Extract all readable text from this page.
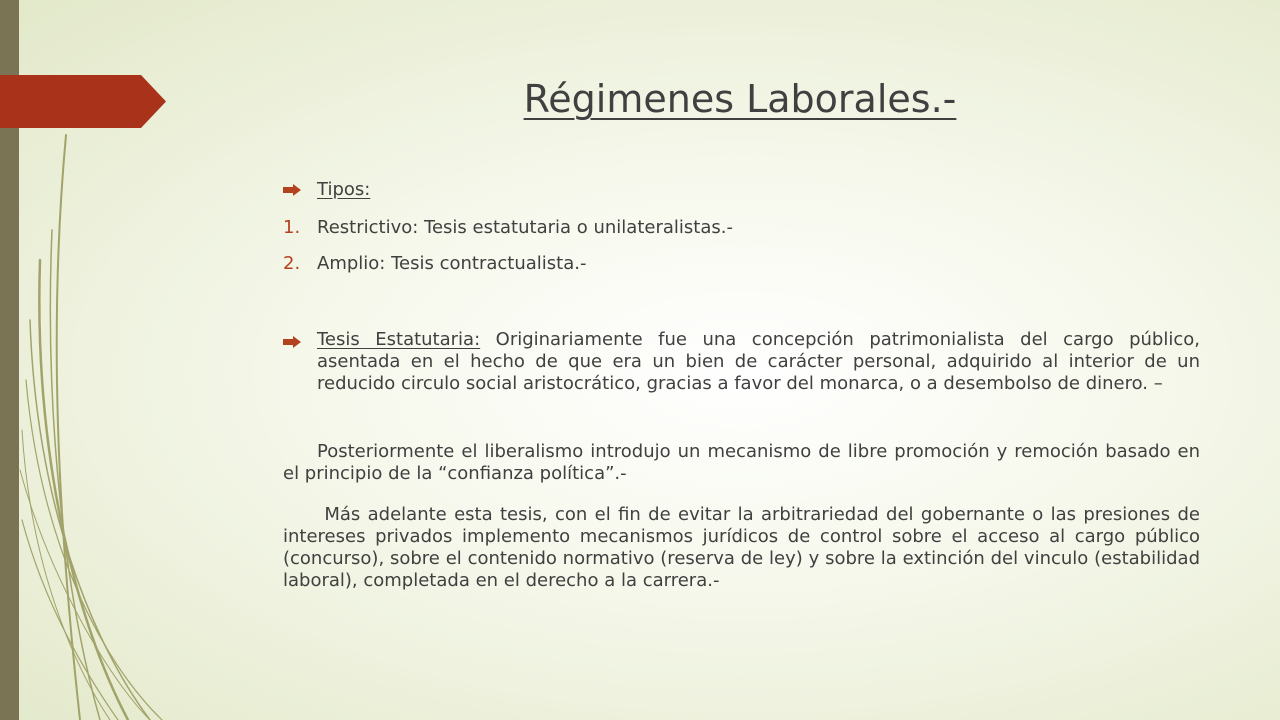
Régimenes Laborales.-
Tipos:
1. Restrictivo: Tesis estatutaria o unilateralistas.-
2. Amplio: Tesis contractualista.-

Tesis Estatutaria: Originariamente fue una concepción patrimonialista del cargo público, asentada en el hecho de que era un bien de carácter personal, adquirido al interior de un reducido circulo social aristocrático, gracias a favor del monarca, o a desembolso de dinero. –

Posteriormente el liberalismo introdujo un mecanismo de libre promoción y remoción basado en el principio de la “confianza política”.-

Más adelante esta tesis, con el fin de evitar la arbitrariedad del gobernante o las presiones de intereses privados implemento mecanismos jurídicos de control sobre el acceso al cargo público (concurso), sobre el contenido normativo (reserva de ley) y sobre la extinción del vinculo (estabilidad laboral), completada en el derecho a la carrera.-
